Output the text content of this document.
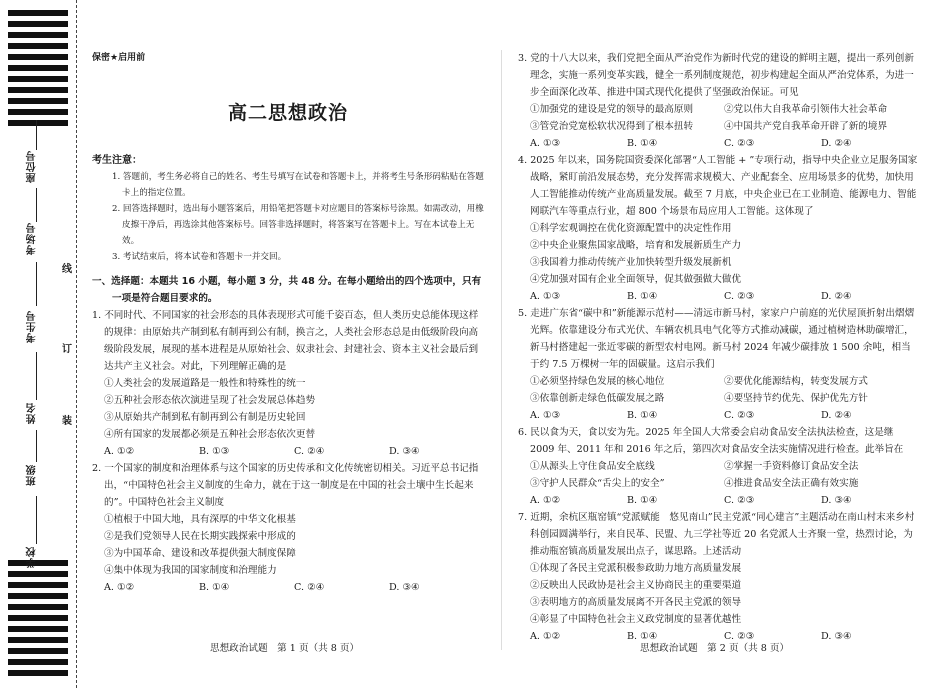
座位号
考场号
考生号
姓名
班级
学校
线
订
装
保密★启用前
高二思想政治
考生注意：
1. 答题前，考生务必将自己的姓名、考生号填写在试卷和答题卡上，并将考生号条形码粘贴在答题卡上的指定位置。
2. 回答选择题时，选出每小题答案后，用铅笔把答题卡对应题目的答案标号涂黑。如需改动，用橡皮擦干净后，再选涂其他答案标号。回答非选择题时，将答案写在答题卡上。写在本试卷上无效。
3. 考试结束后，将本试卷和答题卡一并交回。
一、选择题：本题共 16 小题，每小题 3 分，共 48 分。在每小题给出的四个选项中，只有一项是符合题目要求的。
1. 不同时代、不同国家的社会形态的具体表现形式可能千姿百态，但人类历史总能体现这样的规律：由原始共产制到私有制再到公有制，换言之，人类社会形态总是由低级阶段向高级阶段发展，展现的基本进程是从原始社会、奴隶社会、封建社会、资本主义社会最后到达共产主义社会。对此，下列理解正确的是
①人类社会的发展道路是一般性和特殊性的统一
②五种社会形态依次演进呈现了社会发展总体趋势
③从原始共产制到私有制再到公有制是历史轮回
④所有国家的发展都必须是五种社会形态依次更替
A. ①②	B. ①③	C. ②④	D. ③④
2. 一个国家的制度和治理体系与这个国家的历史传承和文化传统密切相关。习近平总书记指出，“中国特色社会主义制度的生命力，就在于这一制度是在中国的社会土壤中生长起来的”。中国特色社会主义制度
①植根于中国大地，具有深厚的中华文化根基
②是我们党领导人民在长期实践探索中形成的
③为中国革命、建设和改革提供强大制度保障
④集中体现为我国的国家制度和治理能力
A. ①②	B. ①④	C. ②④	D. ③④
思想政治试题　第 1 页（共 8 页）
3. 党的十八大以来，我们党把全面从严治党作为新时代党的建设的鲜明主题，提出一系列创新理念，实施一系列变革实践，健全一系列制度规范，初步构建起全面从严治党体系，为进一步全面深化改革、推进中国式现代化提供了坚强政治保证。可见
①加强党的建设是党的领导的最高原则	②党以伟大自我革命引领伟大社会革命
③管党治党宽松软状况得到了根本扭转	④中国共产党自我革命开辟了新的境界
A. ①③	B. ①④	C. ②③	D. ②④
4. 2025 年以来，国务院国资委深化部署“人工智能 + ”专项行动，指导中央企业立足服务国家战略，紧盯前沿发展态势，充分发挥需求规模大、产业配套全、应用场景多的优势，加快用人工智能推动传统产业高质量发展。截至 7 月底，中央企业已在工业制造、能源电力、智能网联汽车等重点行业，超 800 个场景布局应用人工智能。这体现了
①科学宏观调控在优化资源配置中的决定性作用
②中央企业聚焦国家战略，培育和发展新质生产力
③我国着力推动传统产业加快转型升级发展新机
④党加强对国有企业全面领导，促其做强做大做优
A. ①③	B. ①④	C. ②③	D. ②④
5. 走进广东省“碳中和”新能源示范村——清远市新马村，家家户户前庭的光伏屋顶折射出熠熠光辉。依靠建设分布式光伏、车辆农机具电气化等方式推动减碳，通过植树造林助碳增汇，新马村搭建起一张近零碳的新型农村电网。新马村 2024 年减少碳排放 1 500 余吨，相当于约 7.5 万棵树一年的固碳量。这启示我们
①必须坚持绿色发展的核心地位	②要优化能源结构，转变发展方式
③依靠创新走绿色低碳发展之路	④要坚持节约优先、保护优先方针
A. ①③	B. ①④	C. ②③	D. ②④
6. 民以食为天，食以安为先。2025 年全国人大常委会启动食品安全法执法检查，这是继 2009 年、2011 年和 2016 年之后，第四次对食品安全法实施情况进行检查。此举旨在
①从源头上守住食品安全底线	②掌握一手资料修订食品安全法
③守护人民群众“舌尖上的安全”	④推进食品安全法正确有效实施
A. ①②	B. ①④	C. ②③	D. ③④
7. 近期，余杭区瓶窑镇“党派赋能　悠见南山”民主党派“同心建言”主题活动在南山村末来乡村科创园圆满举行，来自民革、民盟、九三学社等近 20 名党派人士齐聚一堂，热烈讨论，为推动瓶窑镇高质量发展出点子，谋思路。上述活动
①体现了各民主党派积极参政助力地方高质量发展
②反映出人民政协是社会主义协商民主的重要渠道
③表明地方的高质量发展离不开各民主党派的领导
④彰显了中国特色社会主义政党制度的显著优越性
A. ①②	B. ①④	C. ②③	D. ③④
思想政治试题　第 2 页（共 8 页）
